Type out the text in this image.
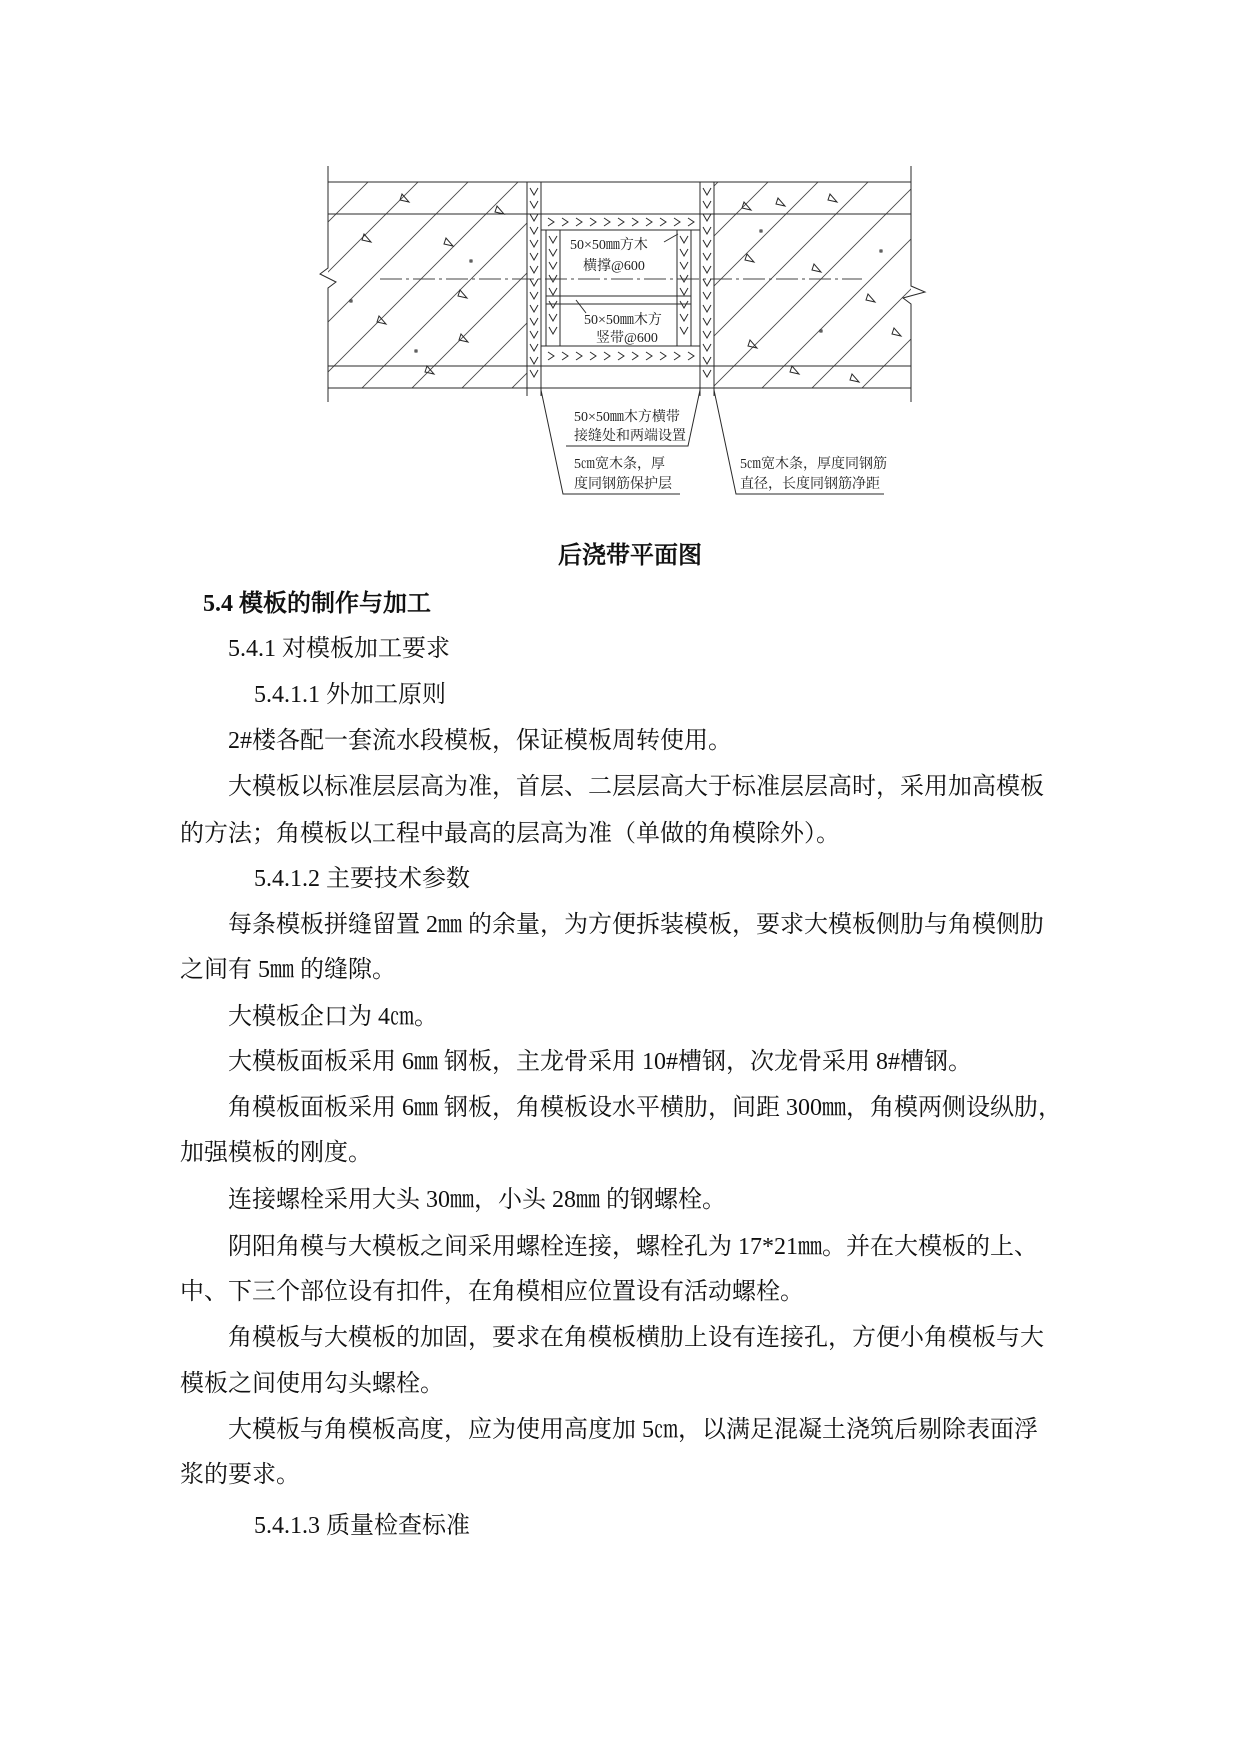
50×50㎜方木
横撑@600
50×50㎜木方
竖带@600
50×50㎜木方横带
接缝处和两端设置
5㎝宽木条，厚
度同钢筋保护层
5㎝宽木条，厚度同钢筋
直径，长度同钢筋净距
后浇带平面图
5.4 模板的制作与加工
5.4.1 对模板加工要求
5.4.1.1 外加工原则
2#楼各配一套流水段模板，保证模板周转使用。
大模板以标准层层高为准，首层、二层层高大于标准层层高时，采用加高模板
的方法；角模板以工程中最高的层高为准（单做的角模除外）。
5.4.1.2 主要技术参数
每条模板拼缝留置 2㎜ 的余量，为方便拆装模板，要求大模板侧肋与角模侧肋
之间有 5㎜ 的缝隙。
大模板企口为 4㎝。
大模板面板采用 6㎜ 钢板，主龙骨采用 10#槽钢，次龙骨采用 8#槽钢。
角模板面板采用 6㎜ 钢板，角模板设水平横肋，间距 300㎜，角模两侧设纵肋，
加强模板的刚度。
连接螺栓采用大头 30㎜，小头 28㎜ 的钢螺栓。
阴阳角模与大模板之间采用螺栓连接，螺栓孔为 17*21㎜。并在大模板的上、
中、下三个部位设有扣件，在角模相应位置设有活动螺栓。
角模板与大模板的加固，要求在角模板横肋上设有连接孔，方便小角模板与大
模板之间使用勾头螺栓。
大模板与角模板高度，应为使用高度加 5㎝，以满足混凝土浇筑后剔除表面浮
浆的要求。
5.4.1.3 质量检查标准
